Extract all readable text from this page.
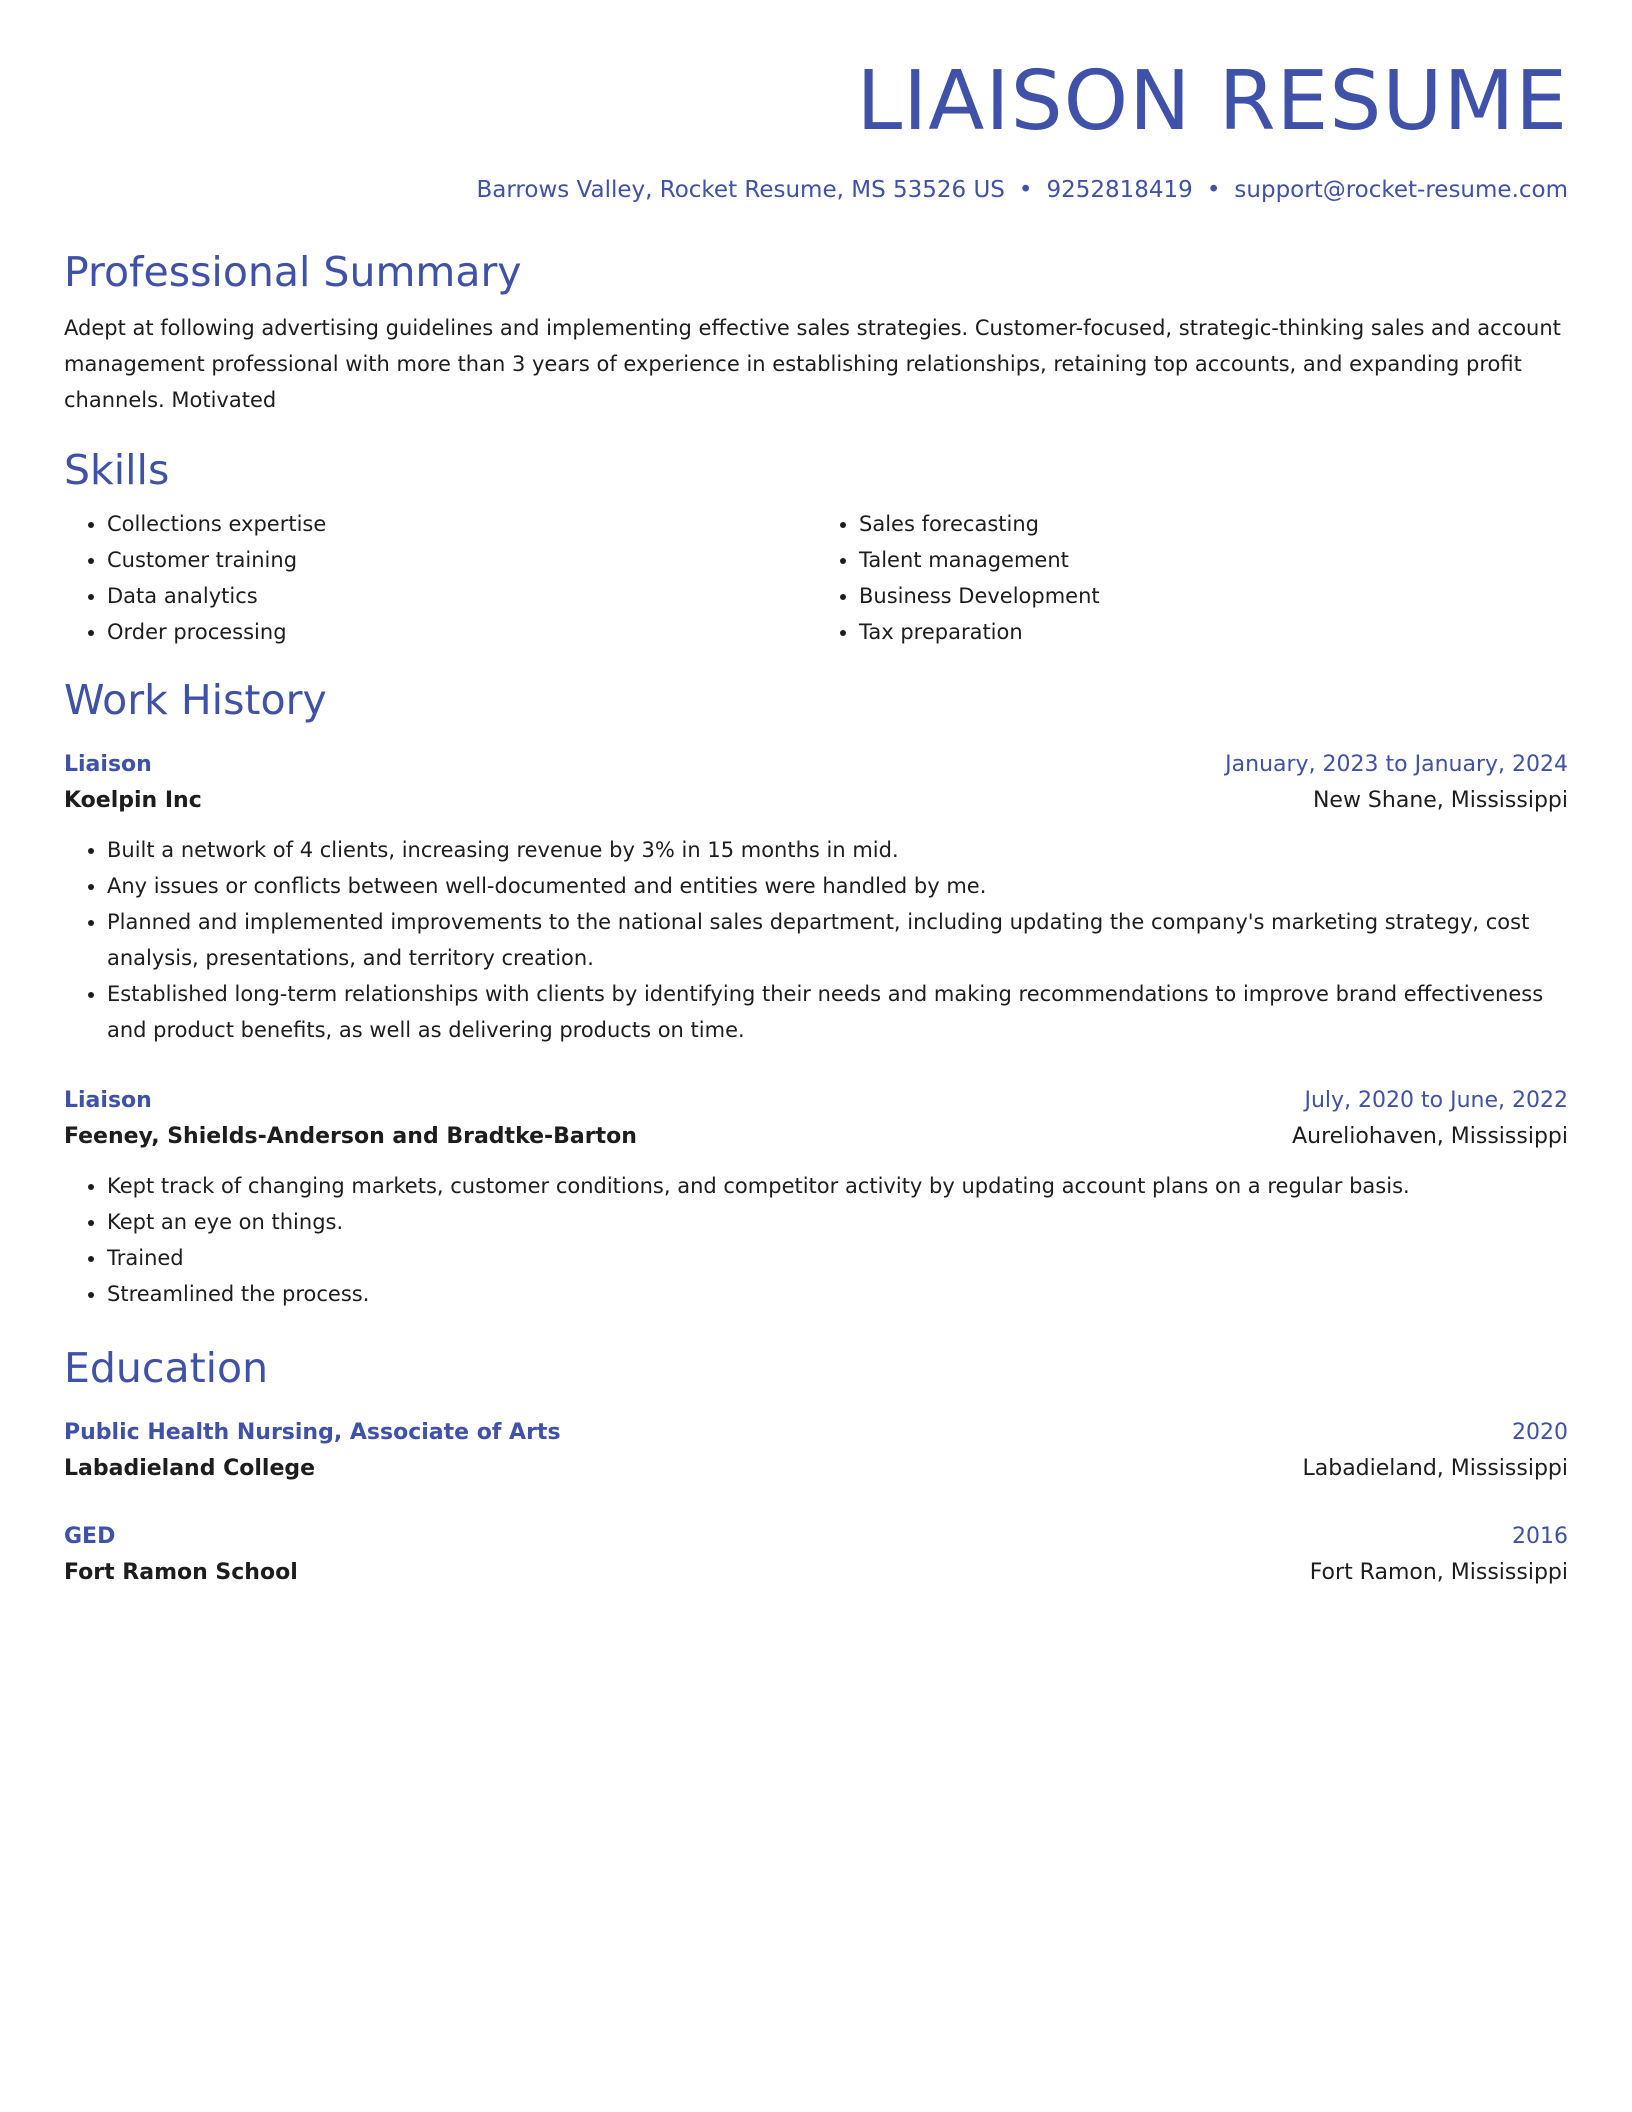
LIAISON RESUME
Barrows Valley, Rocket Resume, MS 53526 US • 9252818419 • support@rocket-resume.com
Professional Summary

Adept at following advertising guidelines and implementing effective sales strategies. Customer-focused, strategic-thinking sales and account management professional with more than 3 years of experience in establishing relationships, retaining top accounts, and expanding profit channels. Motivated

Skills
• Collections expertise
• Customer training
• Data analytics
• Order processing
• Sales forecasting
• Talent management
• Business Development
• Tax preparation
Work History
Liaison	January, 2023 to January, 2024
Koelpin Inc	New Shane, Mississippi
• Built a network of 4 clients, increasing revenue by 3% in 15 months in mid.
• Any issues or conflicts between well-documented and entities were handled by me.
• Planned and implemented improvements to the national sales department, including updating the company's marketing strategy, cost analysis, presentations, and territory creation.
• Established long-term relationships with clients by identifying their needs and making recommendations to improve brand effectiveness and product benefits, as well as delivering products on time.
Liaison	July, 2020 to June, 2022
Feeney, Shields-Anderson and Bradtke-Barton	Aureliohaven, Mississippi
• Kept track of changing markets, customer conditions, and competitor activity by updating account plans on a regular basis.
• Kept an eye on things.
• Trained
• Streamlined the process.
Education
Public Health Nursing, Associate of Arts	2020
Labadieland College	Labadieland, Mississippi
GED	2016
Fort Ramon School	Fort Ramon, Mississippi
